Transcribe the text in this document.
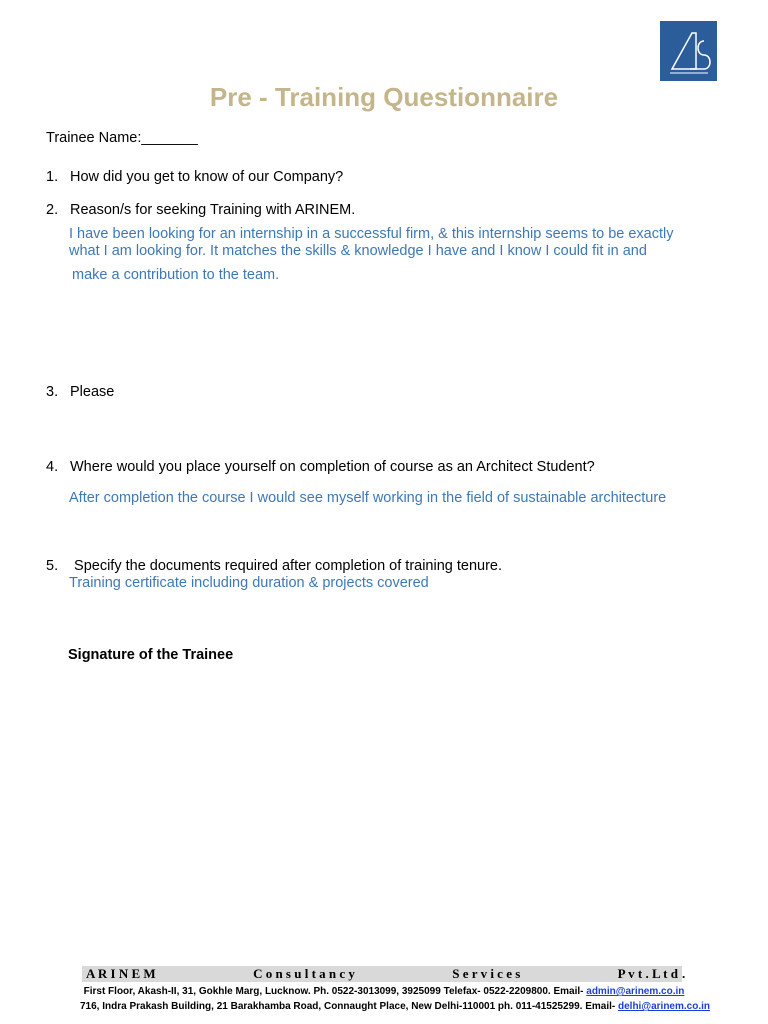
Pre - Training Questionnaire
Trainee Name:_______
1. How did you get to know of our Company?
2. Reason/s for seeking Training with ARINEM.
I have been looking for an internship in a successful firm, & this internship seems to be exactly
what I am looking for. It matches the skills & knowledge I have and I know I could fit in and
make a contribution to the team.
3. Please
4. Where would you place yourself on completion of course as an Architect Student?
After completion the course I would see myself working in the field of sustainable architecture
5. Specify the documents required after completion of training tenure.
Training certificate including duration & projects covered
Signature of the Trainee
A R I N E M	C o n s u l t a n c y	S e r v i c e s	P v t . L t d .
First Floor, Akash-II, 31, Gokhle Marg, Lucknow. Ph. 0522-3013099, 3925099 Telefax- 0522-2209800. Email- admin@arinem.co.in
716, Indra Prakash Building, 21 Barakhamba Road, Connaught Place, New Delhi-110001 ph. 011-41525299. Email- delhi@arinem.co.in
